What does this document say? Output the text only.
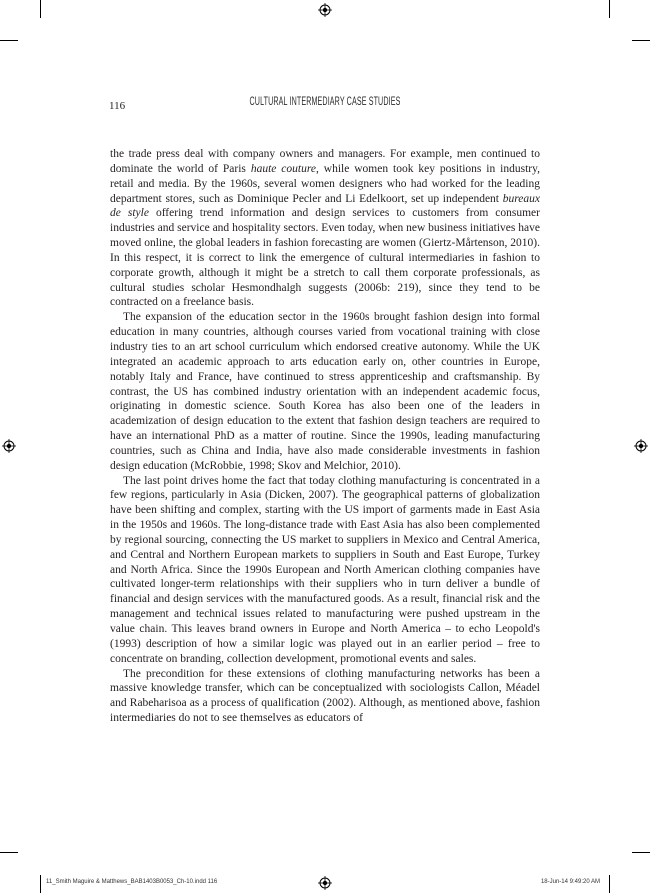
116	CULTURAL INTERMEDIARY CASE STUDIES

the trade press deal with company owners and managers. For example, men continued to dominate the world of Paris haute couture, while women took key positions in industry, retail and media. By the 1960s, several women designers who had worked for the leading department stores, such as Dominique Pecler and Li Edelkoort, set up independent bureaux de style offering trend information and design services to customers from consumer industries and service and hospitality sectors. Even today, when new business initiatives have moved online, the global leaders in fashion forecasting are women (Giertz-Mårtenson, 2010). In this respect, it is correct to link the emergence of cultural intermediaries in fashion to corporate growth, although it might be a stretch to call them corporate professionals, as cultural studies scholar Hesmondhalgh suggests (2006b: 219), since they tend to be contracted on a freelance basis.

The expansion of the education sector in the 1960s brought fashion design into formal education in many countries, although courses varied from vocational training with close industry ties to an art school curriculum which endorsed creative autonomy. While the UK integrated an academic approach to arts education early on, other countries in Europe, notably Italy and France, have continued to stress apprenticeship and craftsmanship. By contrast, the US has combined industry orientation with an independent academic focus, originating in domestic science. South Korea has also been one of the leaders in academization of design education to the extent that fashion design teachers are required to have an international PhD as a matter of routine. Since the 1990s, leading manufacturing countries, such as China and India, have also made considerable investments in fashion design education (McRobbie, 1998; Skov and Melchior, 2010).

The last point drives home the fact that today clothing manufacturing is concentrated in a few regions, particularly in Asia (Dicken, 2007). The geographical patterns of globalization have been shifting and complex, starting with the US import of garments made in East Asia in the 1950s and 1960s. The long-distance trade with East Asia has also been complemented by regional sourcing, connecting the US market to suppliers in Mexico and Central America, and Central and Northern European markets to suppliers in South and East Europe, Turkey and North Africa. Since the 1990s European and North American clothing companies have cultivated longer-term relationships with their suppliers who in turn deliver a bundle of financial and design services with the manufactured goods. As a result, financial risk and the management and technical issues related to manufacturing were pushed upstream in the value chain. This leaves brand owners in Europe and North America – to echo Leopold's (1993) description of how a similar logic was played out in an earlier period – free to concentrate on branding, collection development, promotional events and sales.

The precondition for these extensions of clothing manufacturing networks has been a massive knowledge transfer, which can be conceptualized with sociologists Callon, Méadel and Rabeharisoa as a process of qualification (2002). Although, as mentioned above, fashion intermediaries do not to see themselves as educators of

11_Smith Maguire & Matthews_BAB1403B0053_Ch-10.indd 116	18-Jun-14 9:49:20 AM
